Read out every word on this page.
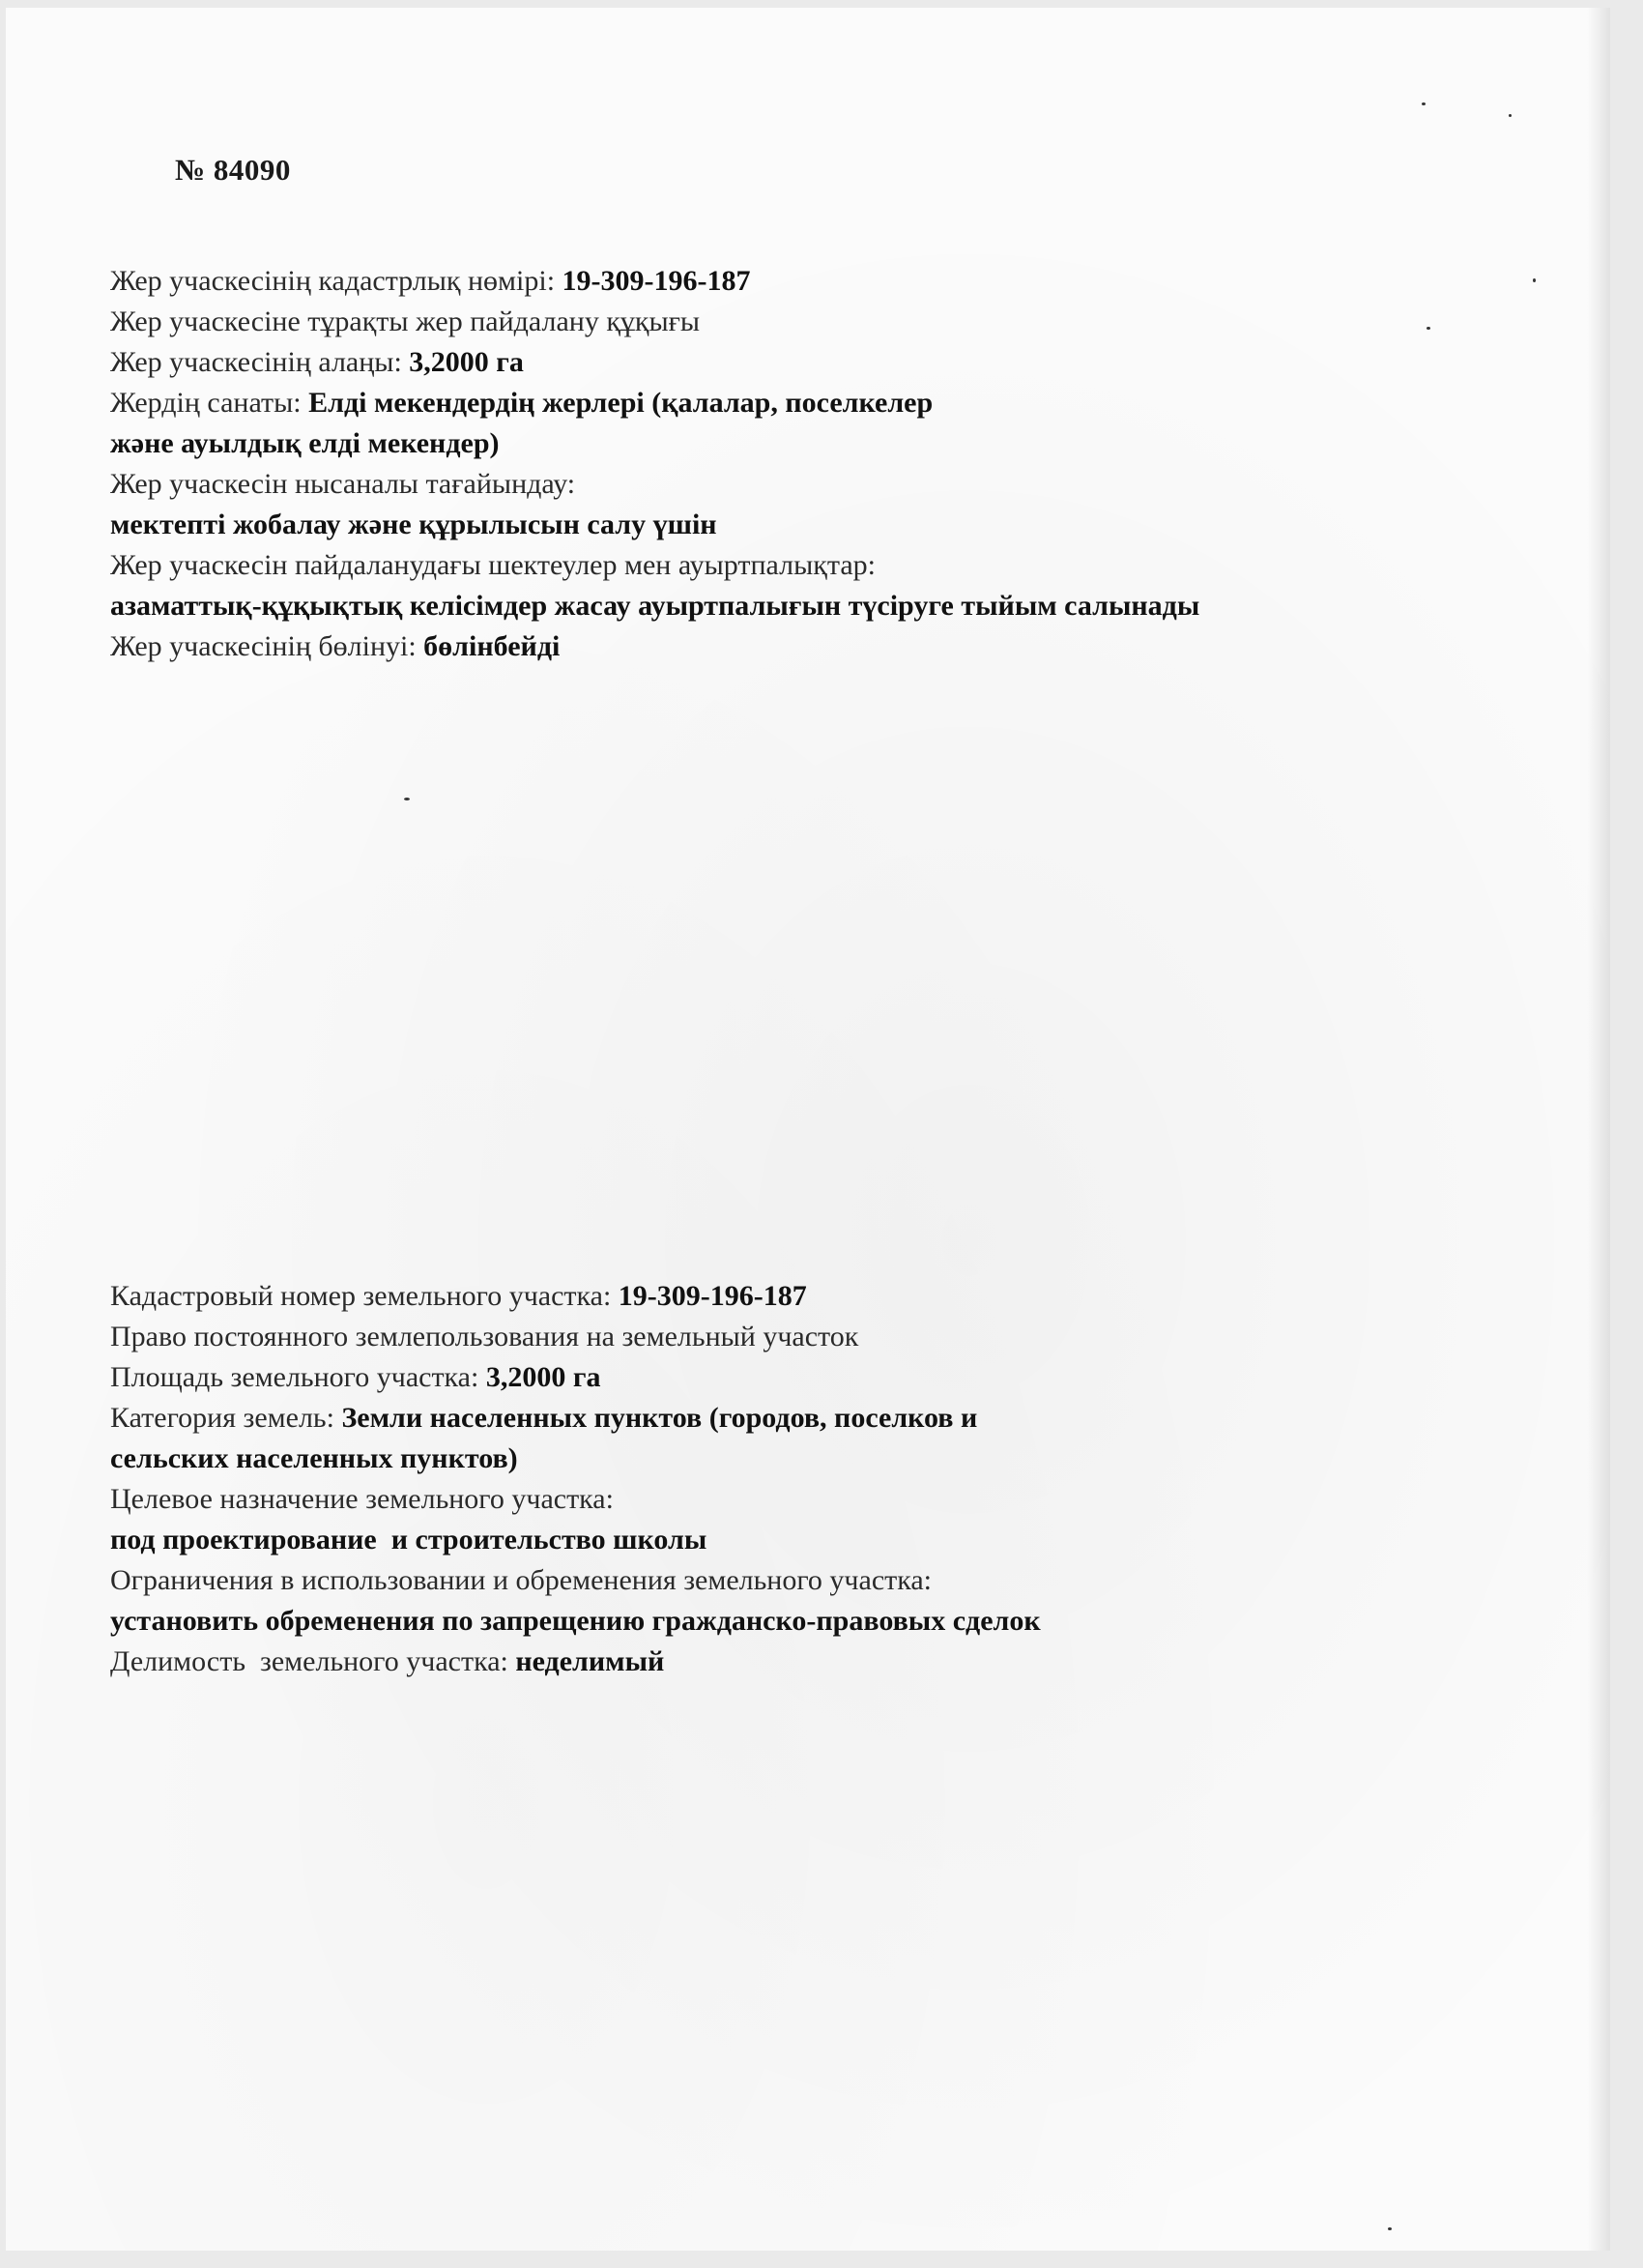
№ 84090
Жер учаскесінің кадастрлық нөмірі: 19-309-196-187
Жер учаскесіне тұрақты жер пайдалану құқығы
Жер учаскесінің алаңы: 3,2000 га
Жердің санаты: Елді мекендердің жерлері (қалалар, поселкелер
және ауылдық елді мекендер)
Жер учаскесін нысаналы тағайындау:
мектепті жобалау және құрылысын салу үшін
Жер учаскесін пайдаланудағы шектеулер мен ауыртпалықтар:
азаматтық-құқықтық келісімдер жасау ауыртпалығын түсіруге тыйым салынады
Жер учаскесінің бөлінуі: бөлінбейді
Кадастровый номер земельного участка: 19-309-196-187
Право постоянного землепользования на земельный участок
Площадь земельного участка: 3,2000 га
Категория земель: Земли населенных пунктов (городов, поселков и
сельских населенных пунктов)
Целевое назначение земельного участка:
под проектирование  и строительство школы
Ограничения в использовании и обременения земельного участка:
установить обременения по запрещению гражданско-правовых сделок
Делимость  земельного участка: неделимый
